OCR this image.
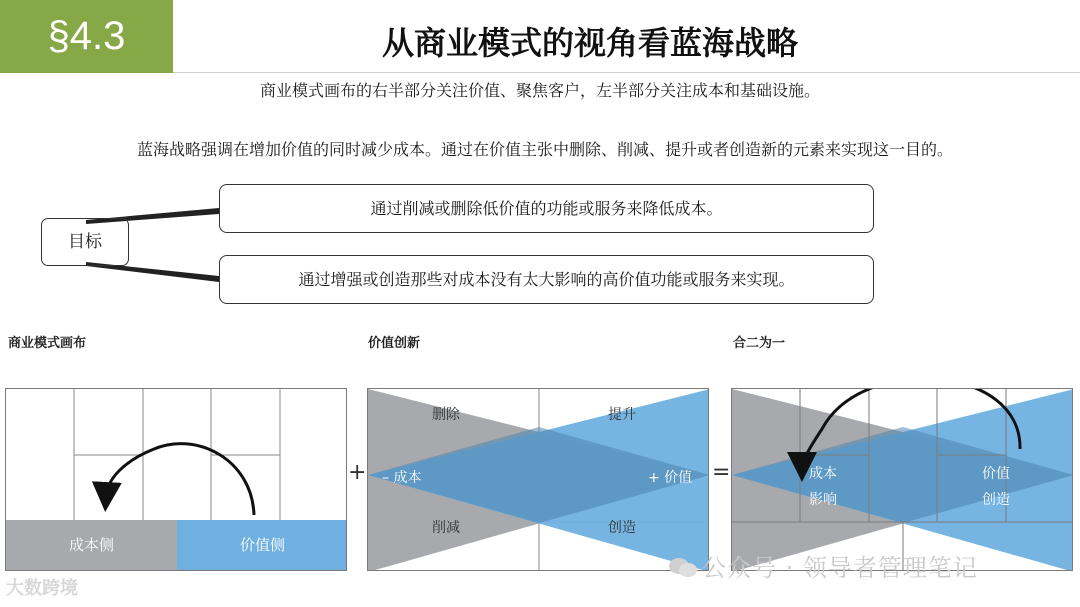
§4.3	从商业模式的视角看蓝海战略
商业模式画布的右半部分关注价值、聚焦客户，左半部分关注成本和基础设施。
蓝海战略强调在增加价值的同时减少成本。通过在价值主张中删除、削减、提升或者创造新的元素来实现这一目的。
目标
通过削减或删除低价值的功能或服务来降低成本。
通过增强或创造那些对成本没有太大影响的高价值功能或服务来实现。
商业模式画布	价值创新	合二为一
成本侧	价值侧
+
删除
削减
提升
创造
– 成本	+ 价值 =	成本
影响
价值
创造
公众号 · 领导者管理笔记
大数跨境
